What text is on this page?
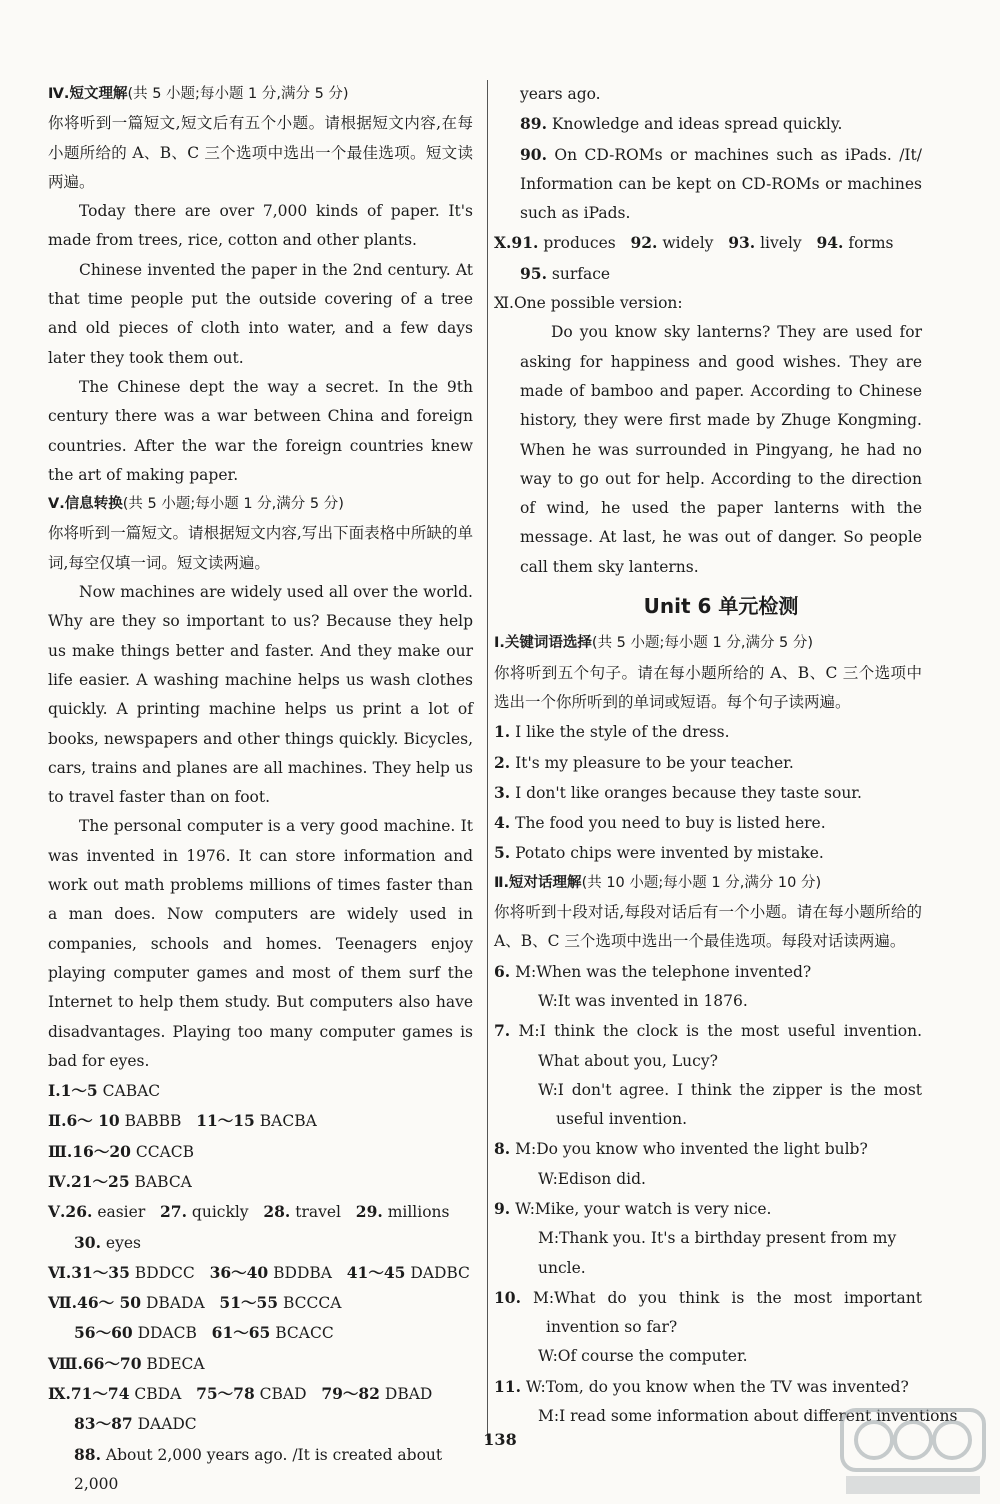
Ⅳ.短文理解(共 5 小题;每小题 1 分,满分 5 分)

你将听到一篇短文,短文后有五个小题。请根据短文内容,在每小题所给的 A、B、C 三个选项中选出一个最佳选项。短文读两遍。

Today there are over 7,000 kinds of paper. It's made from trees, rice, cotton and other plants.

Chinese invented the paper in the 2nd century. At that time people put the outside covering of a tree and old pieces of cloth into water, and a few days later they took them out.

The Chinese dept the way a secret. In the 9th century there was a war between China and foreign countries. After the war the foreign countries knew the art of making paper.

Ⅴ.信息转换(共 5 小题;每小题 1 分,满分 5 分)

你将听到一篇短文。请根据短文内容,写出下面表格中所缺的单词,每空仅填一词。短文读两遍。

Now machines are widely used all over the world. Why are they so important to us? Because they help us make things better and faster. And they make our life easier. A washing machine helps us wash clothes quickly. A printing machine helps us print a lot of books, newspapers and other things quickly. Bicycles, cars, trains and planes are all machines. They help us to travel faster than on foot.

The personal computer is a very good machine. It was invented in 1976. It can store information and work out math problems millions of times faster than a man does. Now computers are widely used in companies, schools and homes. Teenagers enjoy playing computer games and most of them surf the Internet to help them study. But computers also have disadvantages. Playing too many computer games is bad for eyes.

Ⅰ.1～5 CABAC

Ⅱ.6～ 10 BABBB 11～15 BACBA

Ⅲ.16～20 CCACB

Ⅳ.21～25 BABCA

Ⅴ.26. easier 27. quickly 28. travel 29. millions

30. eyes

Ⅵ.31～35 BDDCC 36～40 BDDBA 41～45 DADBC

Ⅶ.46～ 50 DBADA 51～55 BCCCA

56～60 DDACB 61～65 BCACC

Ⅷ.66～70 BDECA

Ⅸ.71～74 CBDA 75～78 CBAD 79～82 DBAD

83～87 DAADC

88. About 2,000 years ago. /It is created about 2,000

years ago.

89. Knowledge and ideas spread quickly.

90. On CD-ROMs or machines such as iPads. /It/ Information can be kept on CD-ROMs or machines such as iPads.

Ⅹ.91. produces 92. widely 93. lively 94. forms

95. surface

Ⅺ.One possible version:

Do you know sky lanterns? They are used for asking for happiness and good wishes. They are made of bamboo and paper. According to Chinese history, they were first made by Zhuge Kongming. When he was surrounded in Pingyang, he had no way to go out for help. According to the direction of wind, he used the paper lanterns with the message. At last, he was out of danger. So people call them sky lanterns.

Unit 6 单元检测

Ⅰ.关键词语选择(共 5 小题;每小题 1 分,满分 5 分)

你将听到五个句子。请在每小题所给的 A、B、C 三个选项中选出一个你所听到的单词或短语。每个句子读两遍。

1. I like the style of the dress.

2. It's my pleasure to be your teacher.

3. I don't like oranges because they taste sour.

4. The food you need to buy is listed here.

5. Potato chips were invented by mistake.

Ⅱ.短对话理解(共 10 小题;每小题 1 分,满分 10 分)

你将听到十段对话,每段对话后有一个小题。请在每小题所给的 A、B、C 三个选项中选出一个最佳选项。每段对话读两遍。

6. M:When was the telephone invented?

W:It was invented in 1876.

7. M:I think the clock is the most useful invention. What about you, Lucy?

W:I don't agree. I think the zipper is the most useful invention.

8. M:Do you know who invented the light bulb?

W:Edison did.

9. W:Mike, your watch is very nice.

M:Thank you. It's a birthday present from my uncle.

10. M:What do you think is the most important invention so far?

W:Of course the computer.

11. W:Tom, do you know when the TV was invented?

M:I read some information about different inventions

138
